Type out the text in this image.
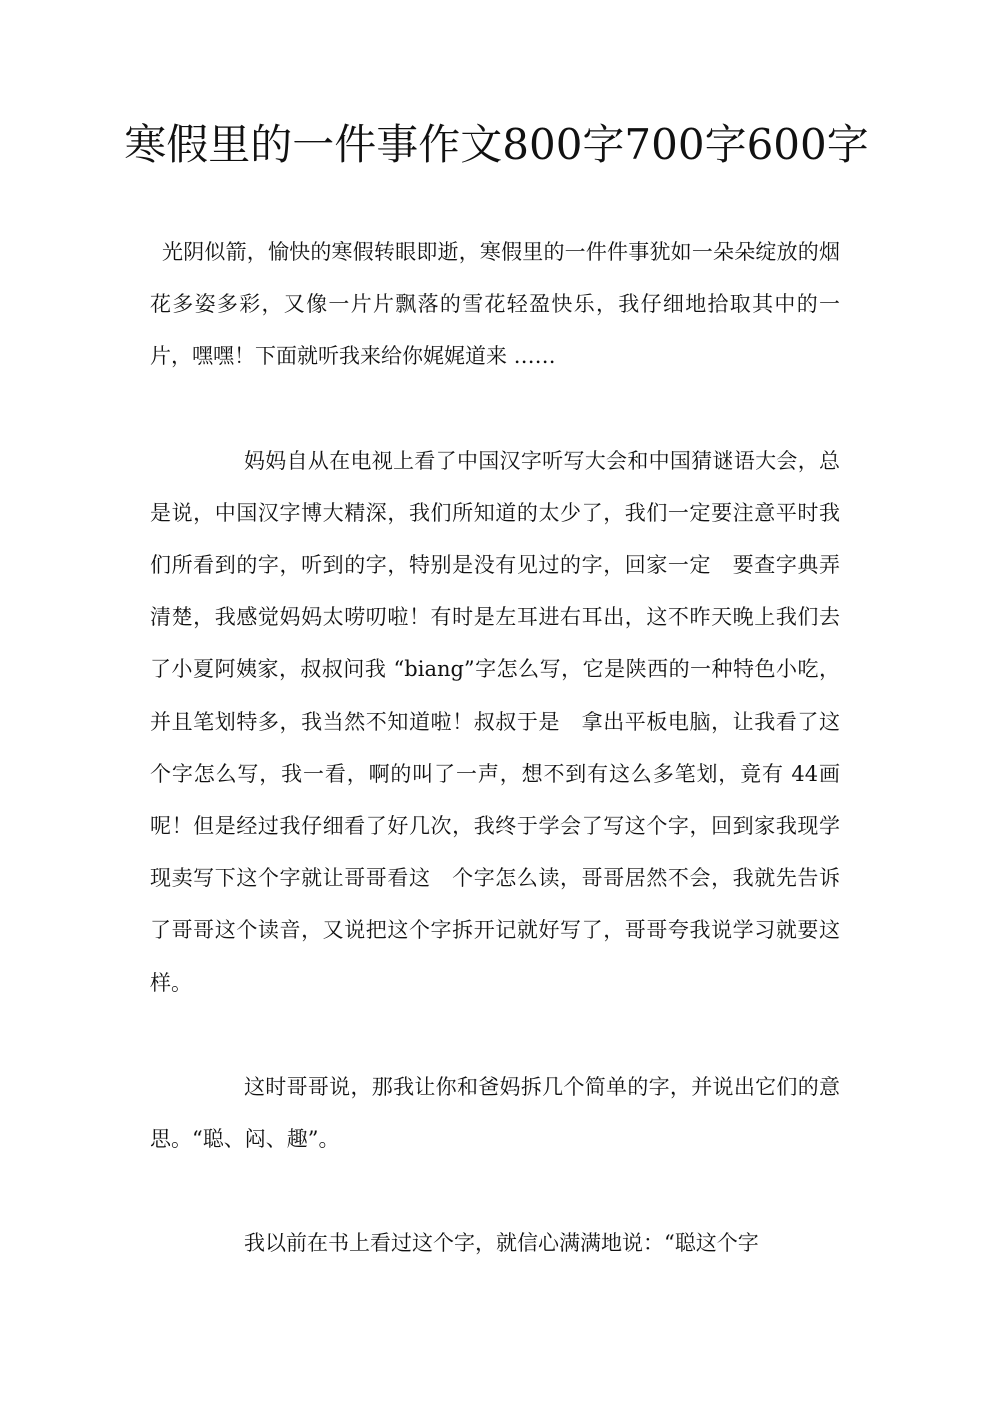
寒假里的一件事作文800字700字600字

光阴似箭，愉快的寒假转眼即逝，寒假里的一件件事犹如一朵朵绽放的烟花多姿多彩，又像一片片飘落的雪花轻盈快乐，我仔细地拾取其中的一片，嘿嘿！下面就听我来给你娓娓道来 ……

妈妈自从在电视上看了中国汉字听写大会和中国猜谜语大会，总是说，中国汉字博大精深，我们所知道的太少了，我们一定要注意平时我们所看到的字，听到的字，特别是没有见过的字，回家一定　要查字典弄清楚，我感觉妈妈太唠叨啦！有时是左耳进右耳出，这不昨天晚上我们去了小夏阿姨家，叔叔问我 “biang”字怎么写，它是陕西的一种特色小吃，并且笔划特多，我当然不知道啦！叔叔于是　拿出平板电脑，让我看了这个字怎么写，我一看，啊的叫了一声，想不到有这么多笔划，竟有 44画呢！但是经过我仔细看了好几次，我终于学会了写这个字，回到家我现学现卖写下这个字就让哥哥看这　个字怎么读，哥哥居然不会，我就先告诉了哥哥这个读音，又说把这个字拆开记就好写了，哥哥夸我说学习就要这样。

这时哥哥说，那我让你和爸妈拆几个简单的字，并说出它们的意思。“聪、闷、趣”。

我以前在书上看过这个字，就信心满满地说：“聪这个字
